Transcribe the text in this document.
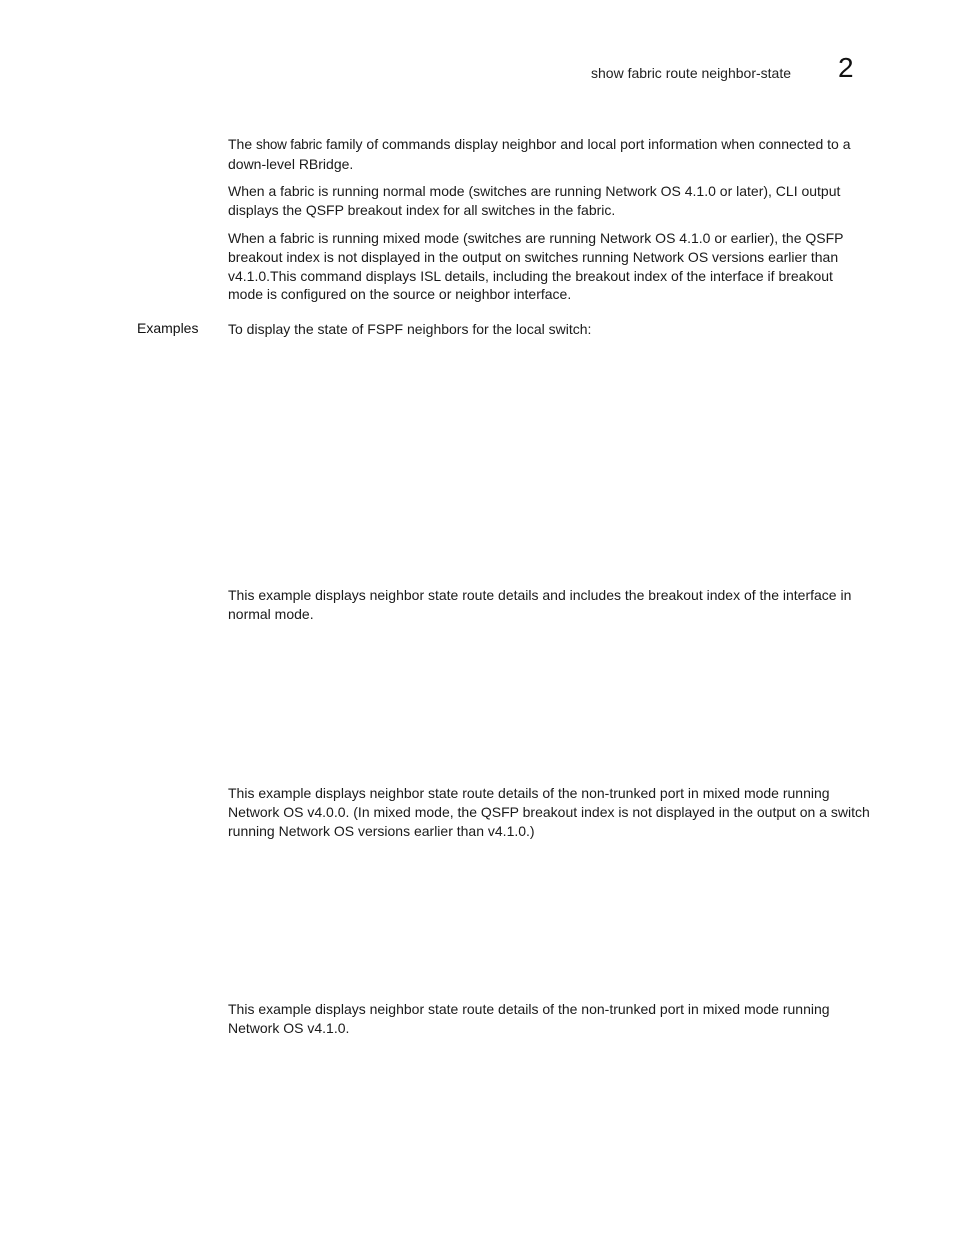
show fabric route neighbor-state 2

The show fabric family of commands display neighbor and local port information when connected to a down-level RBridge.

When a fabric is running normal mode (switches are running Network OS 4.1.0 or later), CLI output displays the QSFP breakout index for all switches in the fabric.

When a fabric is running mixed mode (switches are running Network OS 4.1.0 or earlier), the QSFP breakout index is not displayed in the output on switches running Network OS versions earlier than v4.1.0.This command displays ISL details, including the breakout index of the interface if breakout mode is configured on the source or neighbor interface.

Examples To display the state of FSPF neighbors for the local switch:

This example displays neighbor state route details and includes the breakout index of the interface in normal mode.

This example displays neighbor state route details of the non-trunked port in mixed mode running Network OS v4.0.0. (In mixed mode, the QSFP breakout index is not displayed in the output on a switch running Network OS versions earlier than v4.1.0.)

This example displays neighbor state route details of the non-trunked port in mixed mode running Network OS v4.1.0.
